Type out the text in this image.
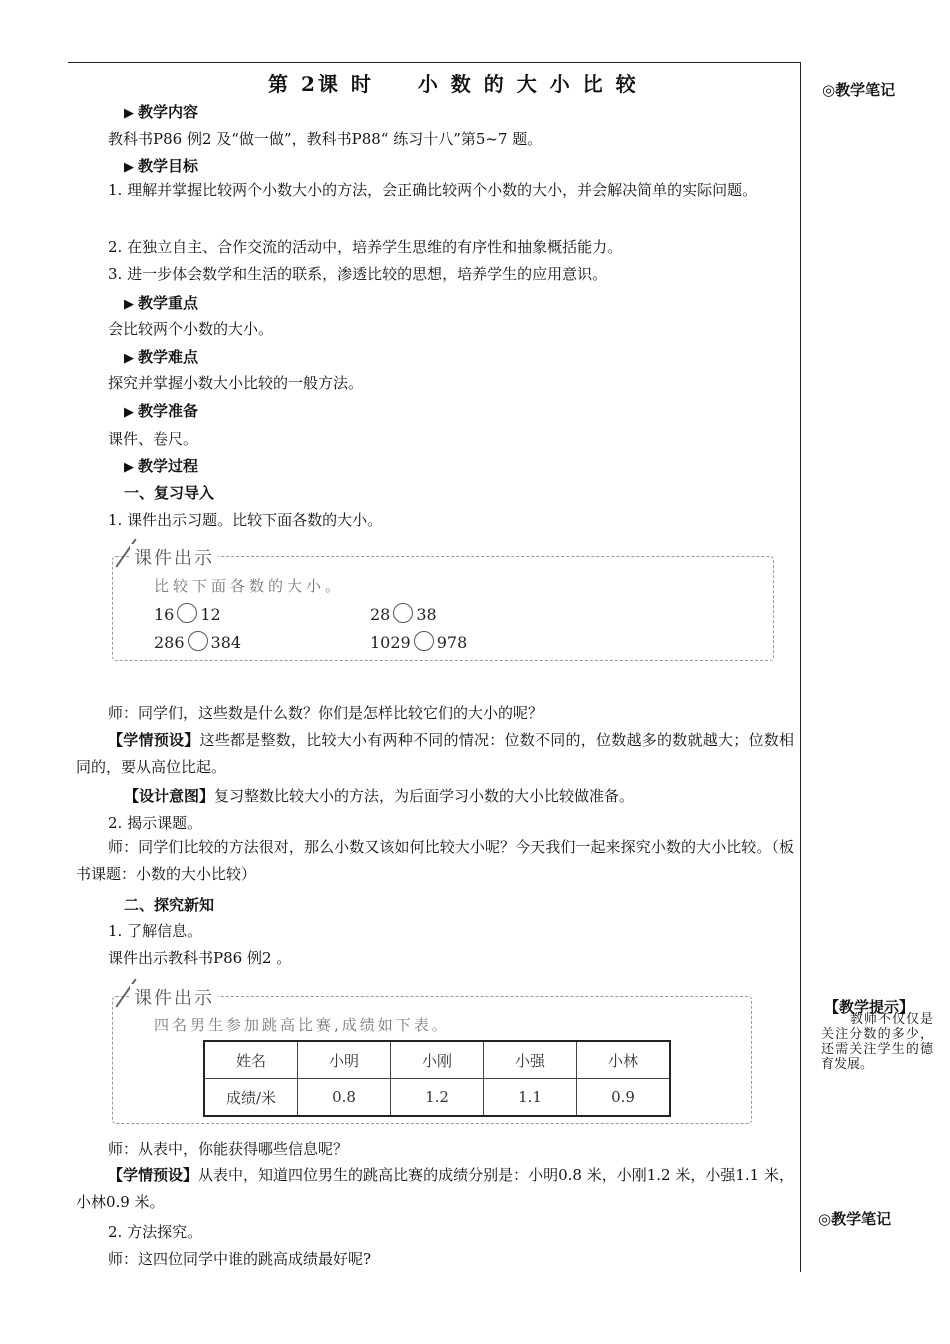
第 2课 时 小 数 的 大 小 比 较	◎教学笔记
【教学提示】
教师不仅仅是关注分数的多少，还需关注学生的德育发展。
◎教学笔记
▶ 教学内容
教科书P86 例2 及“做一做”，教科书P88“ 练习十八”第5~7 题。
▶ 教学目标
1. 理解并掌握比较两个小数大小的方法，会正确比较两个小数的大小，并会解决简单的实际问题。
2. 在独立自主、合作交流的活动中，培养学生思维的有序性和抽象概括能力。
3. 进一步体会数学和生活的联系，渗透比较的思想，培养学生的应用意识。
▶ 教学重点
会比较两个小数的大小。
▶ 教学难点
探究并掌握小数大小比较的一般方法。
▶ 教学准备
课件、卷尺。
▶ 教学过程
一、复习导入
1. 课件出示习题。比较下面各数的大小。
课件出示
比较下面各数的大小。
16 12	28 38
286 384	1029 978
师：同学们，这些数是什么数？你们是怎样比较它们的大小的呢？
【学情预设】这些都是整数，比较大小有两种不同的情况：位数不同的，位数越多的数就越大；位数相同的，要从高位比起。
【设计意图】复习整数比较大小的方法，为后面学习小数的大小比较做准备。
2. 揭示课题。
师：同学们比较的方法很对，那么小数又该如何比较大小呢？今天我们一起来探究小数的大小比较。（板书课题：小数的大小比较）
二、探究新知
1. 了解信息。
课件出示教科书P86 例2 。
课件出示
四名男生参加跳高比赛,成绩如下表。
姓名	小明	小刚	小强	小林
成绩/米	0.8	1.2	1.1	0.9
师：从表中，你能获得哪些信息呢？
【学情预设】从表中，知道四位男生的跳高比赛的成绩分别是：小明0.8 米，小刚1.2 米，小强1.1 米，小林0.9 米。
2. 方法探究。
师：这四位同学中谁的跳高成绩最好呢?
